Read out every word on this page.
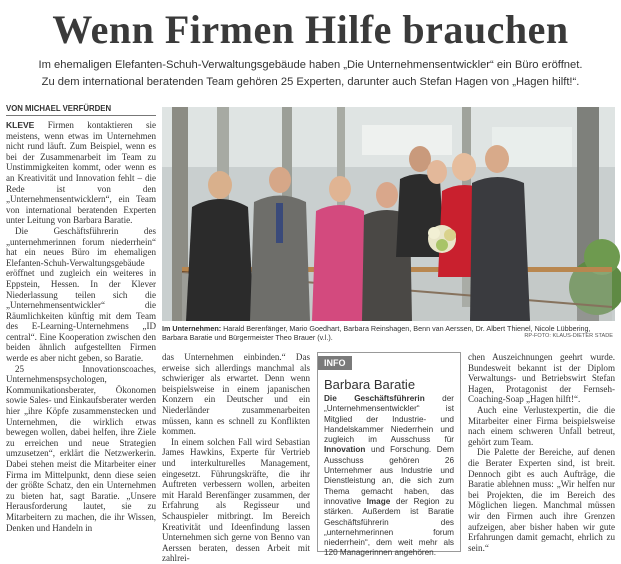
Wenn Firmen Hilfe brauchen
Im ehemaligen Elefanten-Schuh-Verwaltungsgebäude haben „Die Unternehmensentwickler“ ein Büro eröffnet.
Zu dem international beratenden Team gehören 25 Experten, darunter auch Stefan Hagen von „Hagen hilft!“.
VON MICHAEL VERFÜRDEN

KLEVE Firmen kontaktieren sie meistens, wenn etwas im Unternehmen nicht rund läuft. Zum Beispiel, wenn es bei der Zusammenarbeit im Team zu Unstimmigkeiten kommt, oder wenn es an Kreativität und Innovation fehlt – die Rede ist von den „Unternehmensentwicklern“, ein Team von international beratenden Experten unter Leitung von Barbara Baratie.

Die Geschäftsführerin des „unternehmerinnen forum niederrhein“ hat ein neues Büro im ehemaligen Elefanten-Schuh-Verwaltungsgebäude eröffnet und zugleich ein weiteres in Eppstein, Hessen. In der Klever Niederlassung teilen sich die „Unternehmensentwickler“ die Räumlichkeiten künftig mit dem Team des E-Learning-Unternehmens „ID central“. Eine Kooperation zwischen den beiden ähnlich aufgestellten Firmen werde es aber nicht geben, so Baratie.

25 Innovationscoaches, Unternehmenspsychologen, Kommunikationsberater, Ökonomen sowie Sales- und Einkaufsberater werden hier „ihre Köpfe zusammenstecken und Unternehmen, die wirklich etwas bewegen wollen, dabei helfen, ihre Ziele zu erreichen und neue Strategien umzusetzen“, erklärt die Netzwerkerin. Dabei stehen meist die Mitarbeiter einer Firma im Mittelpunkt, denn diese seien der größte Schatz, den ein Unternehmen zu bieten hat, sagt Baratie. „Unsere Herausforderung lautet, sie zu Mitarbeitern zu machen, die ihr Wissen, Denken und Handeln in

Im Unternehmen: Harald Berenfänger, Mario Goedhart, Barbara Reinshagen, Benn van Aerssen, Dr. Albert Thienel, Nicole Lübbering, Barbara Baratie und Bürgermeister Theo Brauer (v.l.).	RP-FOTO: KLAUS-DIETER STADE

das Unternehmen einbinden.“ Das erweise sich allerdings manchmal als schwieriger als erwartet. Denn wenn beispielsweise in einem japanischen Konzern ein Deutscher und ein Niederländer zusammenarbeiten müssen, kann es schnell zu Konflikten kommen.

In einem solchen Fall wird Sebastian James Hawkins, Experte für Vertrieb und interkulturelles Management, eingesetzt. Führungskräfte, die ihr Auftreten verbessern wollen, arbeiten mit Harald Berenfänger zusammen, der Erfahrung als Regisseur und Schauspieler mitbringt. Im Bereich Kreativität und Ideenfindung lassen Unternehmen sich gerne von Benno van Aerssen beraten, dessen Arbeit mit zahlrei-

INFO
Barbara Baratie
Die Geschäftsführerin der „Unternehmensentwickler“ ist Mitglied der Industrie- und Handelskammer Niederrhein und zugleich im Ausschuss für Innovation und Forschung. Dem Ausschuss gehören 26 Unternehmer aus Industrie und Dienstleistung an, die sich zum Thema gemacht haben, das innovative Image der Region zu stärken. Außerdem ist Baratie Geschäftsführerin des „unternehmerinnen forum niederrhein“, dem weit mehr als 120 Managerinnen angehören.

chen Auszeichnungen geehrt wurde. Bundesweit bekannt ist der Diplom Verwaltungs- und Betriebswirt Stefan Hagen, Protagonist der Fernseh-Coaching-Soap „Hagen hilft!“.

Auch eine Verlustexpertin, die die Mitarbeiter einer Firma beispielsweise nach einem schweren Unfall betreut, gehört zum Team.

Die Palette der Bereiche, auf denen die Berater Experten sind, ist breit. Dennoch gibt es auch Aufträge, die Baratie ablehnen muss: „Wir helfen nur bei Projekten, die im Bereich des Möglichen liegen. Manchmal müssen wir den Firmen auch ihre Grenzen aufzeigen, aber bisher haben wir gute Erfahrungen damit gemacht, ehrlich zu sein.“
